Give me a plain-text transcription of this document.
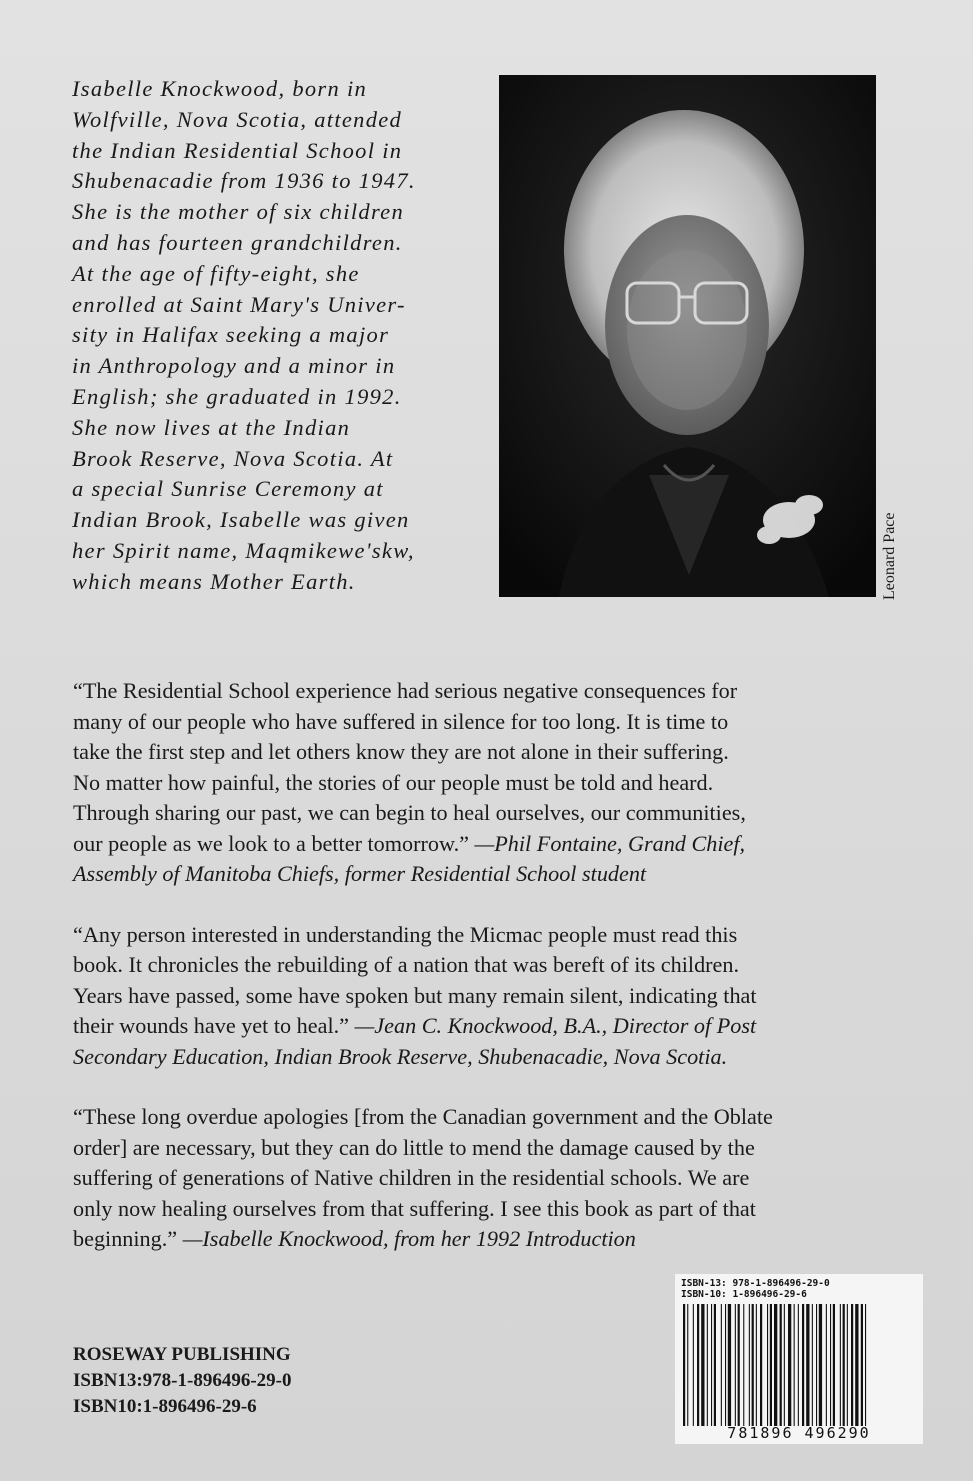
Isabelle Knockwood, born in
Wolfville, Nova Scotia, attended
the Indian Residential School in
Shubenacadie from 1936 to 1947.
She is the mother of six children
and has fourteen grandchildren.
At the age of fifty-eight, she
enrolled at Saint Mary's Univer-
sity in Halifax seeking a major
in Anthropology and a minor in
English; she graduated in 1992.
She now lives at the Indian
Brook Reserve, Nova Scotia. At
a special Sunrise Ceremony at
Indian Brook, Isabelle was given
her Spirit name, Maqmikewe'skw,
which means Mother Earth.	Leonard Pace
“The Residential School experience had serious negative consequences for
many of our people who have suffered in silence for too long. It is time to
take the first step and let others know they are not alone in their suffering.
No matter how painful, the stories of our people must be told and heard.
Through sharing our past, we can begin to heal ourselves, our communities,
our people as we look to a better tomorrow.” —Phil Fontaine, Grand Chief,
Assembly of Manitoba Chiefs, former Residential School student
“Any person interested in understanding the Micmac people must read this
book. It chronicles the rebuilding of a nation that was bereft of its children.
Years have passed, some have spoken but many remain silent, indicating that
their wounds have yet to heal.” —Jean C. Knockwood, B.A., Director of Post
Secondary Education, Indian Brook Reserve, Shubenacadie, Nova Scotia.
“These long overdue apologies [from the Canadian government and the Oblate
order] are necessary, but they can do little to mend the damage caused by the
suffering of generations of Native children in the residential schools. We are
only now healing ourselves from that suffering. I see this book as part of that
beginning.” —Isabelle Knockwood, from her 1992 Introduction
ROSEWAY PUBLISHING
ISBN13:978-1-896496-29-0
ISBN10:1-896496-29-6
ISBN-13: 978-1-896496-29-0
ISBN-10: 1-896496-29-6
781896 496290
